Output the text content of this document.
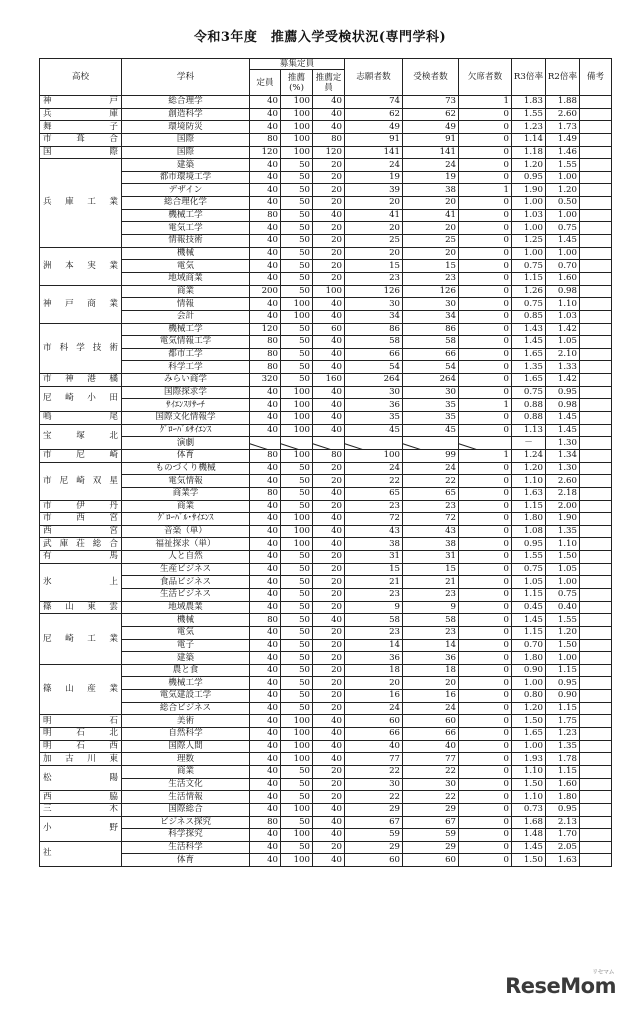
令和3年度　推薦入学受検状況(専門学科)
高校	学科	募集定員			志願者数	受検者数	欠席者数	R3倍率	R2倍率	備考
		定員	推薦(%)	推薦定員						
神戸	総合理学	40	100	40	74	73	1	1.83	1.88	
兵庫	創造科学	40	100	40	62	62	0	1.55	2.60	
舞子	環境防災	40	100	40	49	49	0	1.23	1.73	
市葺合	国際	80	100	80	91	91	0	1.14	1.49	
国際	国際	120	100	120	141	141	0	1.18	1.46	
兵庫工業	建築	40	50	20	24	24	0	1.20	1.55	
	都市環境工学	40	50	20	19	19	0	0.95	1.00	
	デザイン	40	50	20	39	38	1	1.90	1.20	
	総合理化学	40	50	20	20	20	0	1.00	0.50	
	機械工学	80	50	40	41	41	0	1.03	1.00	
	電気工学	40	50	20	20	20	0	1.00	0.75	
	情報技術	40	50	20	25	25	0	1.25	1.45	
洲本実業	機械	40	50	20	20	20	0	1.00	1.00	
	電気	40	50	20	15	15	0	0.75	0.70	
	地域商業	40	50	20	23	23	0	1.15	1.60	
神戸商業	商業	200	50	100	126	126	0	1.26	0.98	
	情報	40	100	40	30	30	0	0.75	1.10	
	会計	40	100	40	34	34	0	0.85	1.03	
市科学技術	機械工学	120	50	60	86	86	0	1.43	1.42	
	電気情報工学	80	50	40	58	58	0	1.45	1.05	
	都市工学	80	50	40	66	66	0	1.65	2.10	
	科学工学	80	50	40	54	54	0	1.35	1.33	
市神港橘	みらい商学	320	50	160	264	264	0	1.65	1.42	
尼崎小田	国際探求学	40	100	40	30	30	0	0.75	0.95	
	ｻｲｴﾝｽﾘｻｰﾁ	40	100	40	36	35	1	0.88	0.98	
鳴尾	国際文化情報学	40	100	40	35	35	0	0.88	1.45	
宝塚北	ｸﾞﾛｰﾊﾞﾙｻｲｴﾝｽ	40	100	40	45	45	0	1.13	1.45	
	演劇							－	1.30	
市尼崎	体育	80	100	80	100	99	1	1.24	1.34	
市尼崎双星	ものづくり機械	40	50	20	24	24	0	1.20	1.30	
	電気情報	40	50	20	22	22	0	1.10	2.60	
	商業学	80	50	40	65	65	0	1.63	2.18	
市伊丹	商業	40	50	20	23	23	0	1.15	2.00	
市西宮	ｸﾞﾛｰﾊﾞﾙ･ｻｲｴﾝｽ	40	100	40	72	72	0	1.80	1.90	
西宮	音楽（単）	40	100	40	43	43	0	1.08	1.35	
武庫荘総合	福祉探求（単）	40	100	40	38	38	0	0.95	1.10	
有馬	人と自然	40	50	20	31	31	0	1.55	1.50	
氷上	生産ビジネス	40	50	20	15	15	0	0.75	1.05	
	食品ビジネス	40	50	20	21	21	0	1.05	1.00	
	生活ビジネス	40	50	20	23	23	0	1.15	0.75	
篠山東雲	地域農業	40	50	20	9	9	0	0.45	0.40	
尼崎工業	機械	80	50	40	58	58	0	1.45	1.55	
	電気	40	50	20	23	23	0	1.15	1.20	
	電子	40	50	20	14	14	0	0.70	1.50	
	建築	40	50	20	36	36	0	1.80	1.00	
篠山産業	農と食	40	50	20	18	18	0	0.90	1.15	
	機械工学	40	50	20	20	20	0	1.00	0.95	
	電気建設工学	40	50	20	16	16	0	0.80	0.90	
	総合ビジネス	40	50	20	24	24	0	1.20	1.15	
明石	美術	40	100	40	60	60	0	1.50	1.75	
明石北	自然科学	40	100	40	66	66	0	1.65	1.23	
明石西	国際人間	40	100	40	40	40	0	1.00	1.35	
加古川東	理数	40	100	40	77	77	0	1.93	1.78	
松陽	商業	40	50	20	22	22	0	1.10	1.15	
	生活文化	40	50	20	30	30	0	1.50	1.60	
西脇	生活情報	40	50	20	22	22	0	1.10	1.80	
三木	国際総合	40	100	40	29	29	0	0.73	0.95	
小野	ビジネス探究	80	50	40	67	67	0	1.68	2.13	
	科学探究	40	100	40	59	59	0	1.48	1.70	
社	生活科学	40	50	20	29	29	0	1.45	2.05	
	体育	40	100	40	60	60	0	1.50	1.63	
ReseMom
リセマム
